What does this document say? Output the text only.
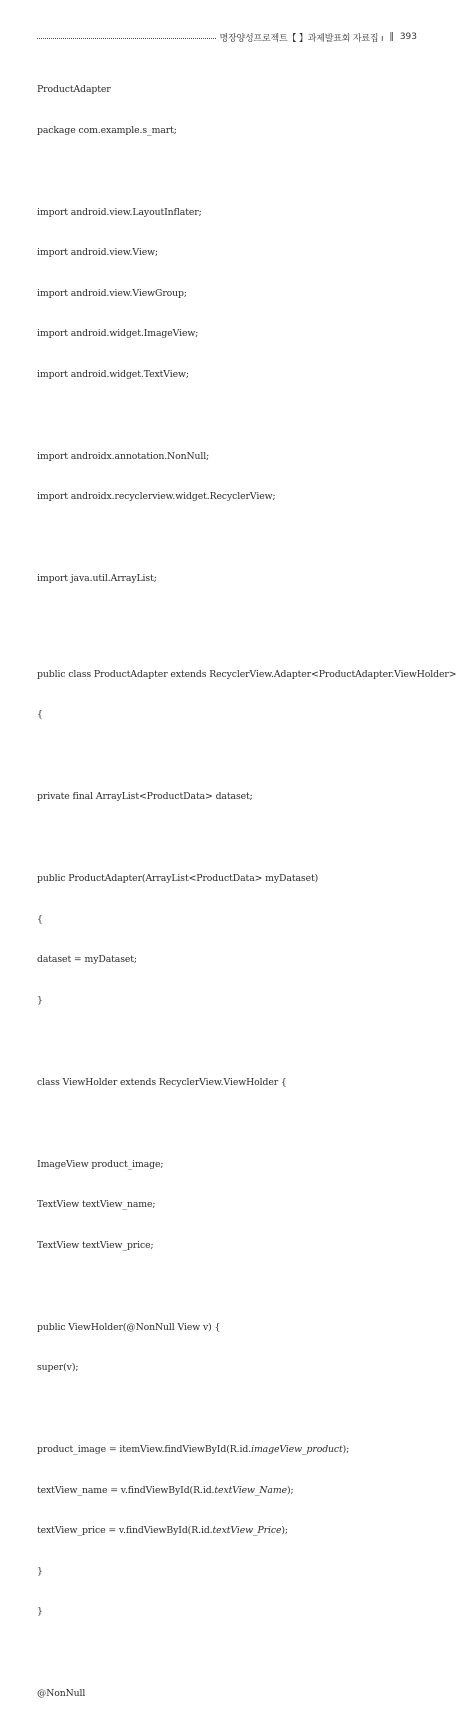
명장양성프로젝트【 】과제발표회 자료집 ı ‖ 393

ProductAdapter

package com.example.s_mart;

import android.view.LayoutInflater;

import android.view.View;

import android.view.ViewGroup;

import android.widget.ImageView;

import android.widget.TextView;

import androidx.annotation.NonNull;

import androidx.recyclerview.widget.RecyclerView;

import java.util.ArrayList;

public class ProductAdapter extends RecyclerView.Adapter<ProductAdapter.ViewHolder>

{

private final ArrayList<ProductData> dataset;

public ProductAdapter(ArrayList<ProductData> myDataset)

{

dataset = myDataset;

}

class ViewHolder extends RecyclerView.ViewHolder {

ImageView product_image;

TextView textView_name;

TextView textView_price;

public ViewHolder(@NonNull View v) {

super(v);

product_image = itemView.findViewById(R.id.imageView_product);

textView_name = v.findViewById(R.id.textView_Name);

textView_price = v.findViewById(R.id.textView_Price);

}

}

@NonNull
